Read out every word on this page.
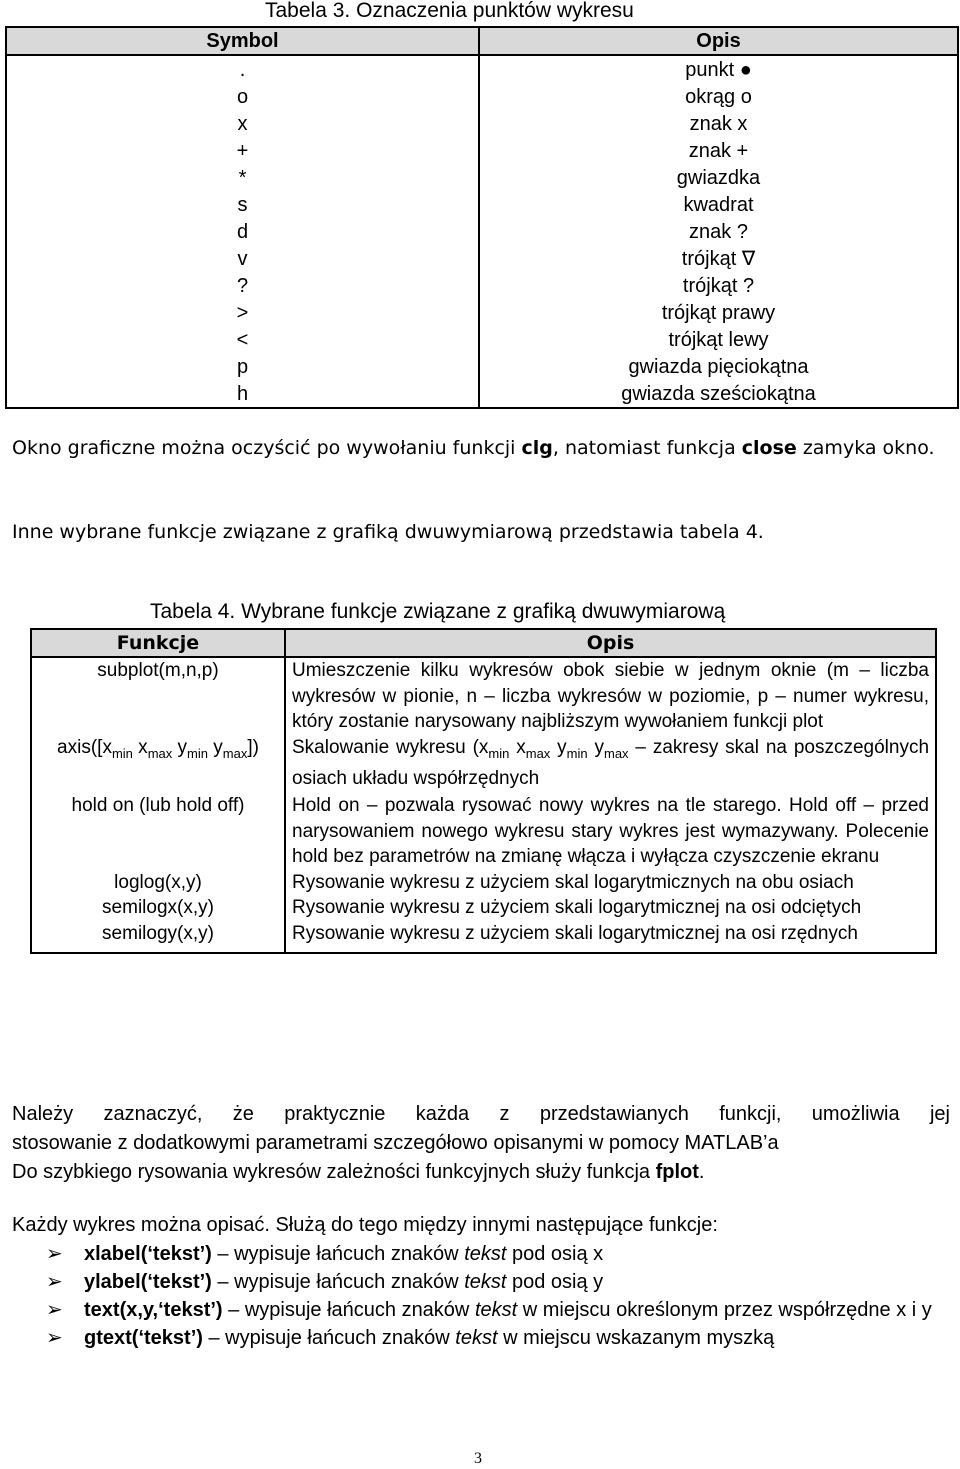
Tabela 3. Oznaczenia punktów wykresu
Symbol	Opis
.	punkt ●
ο	okrąg ο
x	znak x
+	znak +
*	gwiazdka
s	kwadrat
d	znak ?
v	trójkąt ∇
?	trójkąt ?
>	trójkąt prawy
<	trójkąt lewy
p	gwiazda pięciokątna
h	gwiazda sześciokątna
Okno graficzne można oczyścić po wywołaniu funkcji clg, natomiast funkcja close zamyka okno.
Inne wybrane funkcje związane z grafiką dwuwymiarową przedstawia tabela 4.
Tabela 4. Wybrane funkcje związane z grafiką dwuwymiarową
Funkcje	Opis
subplot(m,n,p)	Umieszczenie kilku wykresów obok siebie w jednym oknie (m – liczba wykresów w pionie, n – liczba wykresów w poziomie, p – numer wykresu, który zostanie narysowany najbliższym wywołaniem funkcji plot
$axis([x_{min}$ $x_{max}$ $y_{min}$ $y_{max}$])	Skalowanie wykresu ($x_{min}$ $x_{max}$ $y_{min}$ $y_{max}$ – zakresy skal na poszczególnych osiach układu współrzędnych
hold on (lub hold off)	Hold on – pozwala rysować nowy wykres na tle starego. Hold off – przed narysowaniem nowego wykresu stary wykres jest wymazywany. Polecenie hold bez parametrów na zmianę włącza i wyłącza czyszczenie ekranu
loglog(x,y)	Rysowanie wykresu z użyciem skal logarytmicznych na obu osiach
semilogx(x,y)	Rysowanie wykresu z użyciem skali logarytmicznej na osi odciętych
semilogy(x,y)	Rysowanie wykresu z użyciem skali logarytmicznej na osi rzędnych
Należy zaznaczyć, że praktycznie każda z przedstawianych funkcji, umożliwia jej
stosowanie z dodatkowymi parametrami szczegółowo opisanymi w pomocy MATLAB’a
Do szybkiego rysowania wykresów zależności funkcyjnych służy funkcja fplot.
Każdy wykres można opisać. Służą do tego między innymi następujące funkcje:
➢ xlabel(‘tekst’) – wypisuje łańcuch znaków tekst pod osią x
➢ ylabel(‘tekst’) – wypisuje łańcuch znaków tekst pod osią y
➢ text(x,y,‘tekst’) – wypisuje łańcuch znaków tekst w miejscu określonym przez współrzędne x i y
➢ gtext(‘tekst’) – wypisuje łańcuch znaków tekst w miejscu wskazanym myszką
3
